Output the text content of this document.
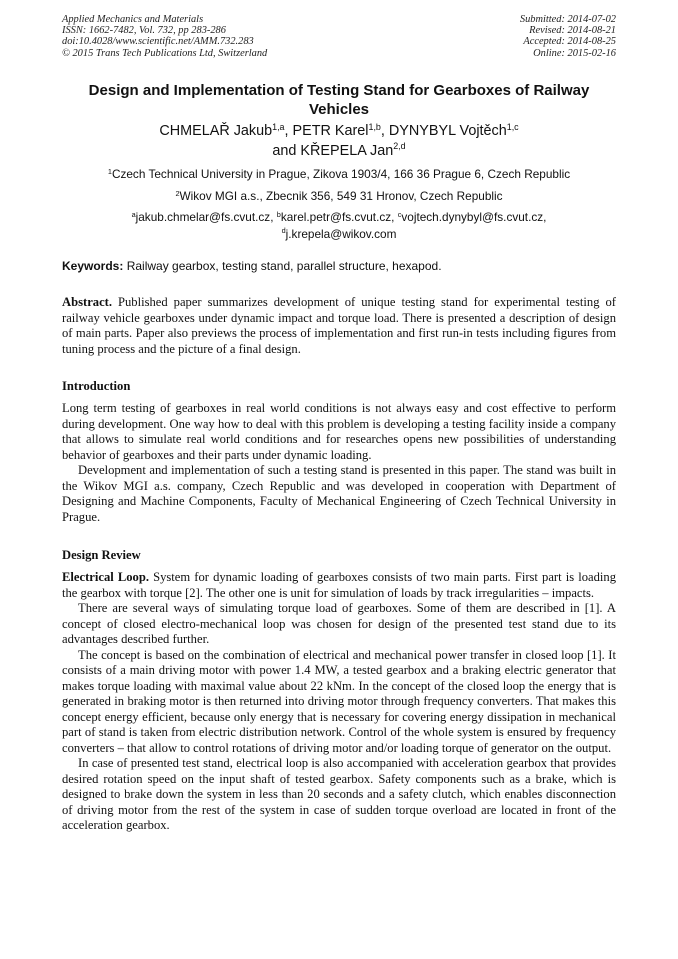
Applied Mechanics and Materials
ISSN: 1662-7482, Vol. 732, pp 283-286
doi:10.4028/www.scientific.net/AMM.732.283
© 2015 Trans Tech Publications Ltd, Switzerland
Submitted: 2014-07-02
Revised: 2014-08-21
Accepted: 2014-08-25
Online: 2015-02-16
Design and Implementation of Testing Stand for Gearboxes of Railway Vehicles
CHMELAŘ Jakub$^{1,a}$, PETR Karel$^{1,b}$, DYNYBYL Vojtěch$^{1,c}$
and KŘEPELA Jan$^{2,d}$
$^1$Czech Technical University in Prague, Zikova 1903/4, 166 36 Prague 6, Czech Republic
$^2$Wikov MGI a.s., Zbecnik 356, 549 31 Hronov, Czech Republic
$^a$jakub.chmelar@fs.cvut.cz, $^b$karel.petr@fs.cvut.cz, $^c$vojtech.dynybyl@fs.cvut.cz,
$^d$j.krepela@wikov.com
Keywords: Railway gearbox, testing stand, parallel structure, hexapod.

Abstract. Published paper summarizes development of unique testing stand for experimental testing of railway vehicle gearboxes under dynamic impact and torque load. There is presented a description of design of main parts. Paper also previews the process of implementation and first run-in tests including figures from tuning process and the picture of a final design.

Introduction

Long term testing of gearboxes in real world conditions is not always easy and cost effective to perform during development. One way how to deal with this problem is developing a testing facility inside a company that allows to simulate real world conditions and for researches opens new possibilities of understanding behavior of gearboxes and their parts under dynamic loading.

Development and implementation of such a testing stand is presented in this paper. The stand was built in the Wikov MGI a.s. company, Czech Republic and was developed in cooperation with Department of Designing and Machine Components, Faculty of Mechanical Engineering of Czech Technical University in Prague.

Design Review

Electrical Loop. System for dynamic loading of gearboxes consists of two main parts. First part is loading the gearbox with torque [2]. The other one is unit for simulation of loads by track irregularities – impacts.

There are several ways of simulating torque load of gearboxes. Some of them are described in [1]. A concept of closed electro-mechanical loop was chosen for design of the presented test stand due to its advantages described further.

The concept is based on the combination of electrical and mechanical power transfer in closed loop [1]. It consists of a main driving motor with power 1.4 MW, a tested gearbox and a braking electric generator that makes torque loading with maximal value about 22 kNm. In the concept of the closed loop the energy that is generated in braking motor is then returned into driving motor through frequency converters. That makes this concept energy efficient, because only energy that is necessary for covering energy dissipation in mechanical part of stand is taken from electric distribution network. Control of the whole system is ensured by frequency converters – that allow to control rotations of driving motor and/or loading torque of generator on the output.

In case of presented test stand, electrical loop is also accompanied with acceleration gearbox that provides desired rotation speed on the input shaft of tested gearbox. Safety components such as a brake, which is designed to brake down the system in less than 20 seconds and a safety clutch, which enables disconnection of driving motor from the rest of the system in case of sudden torque overload are located in front of the acceleration gearbox.
